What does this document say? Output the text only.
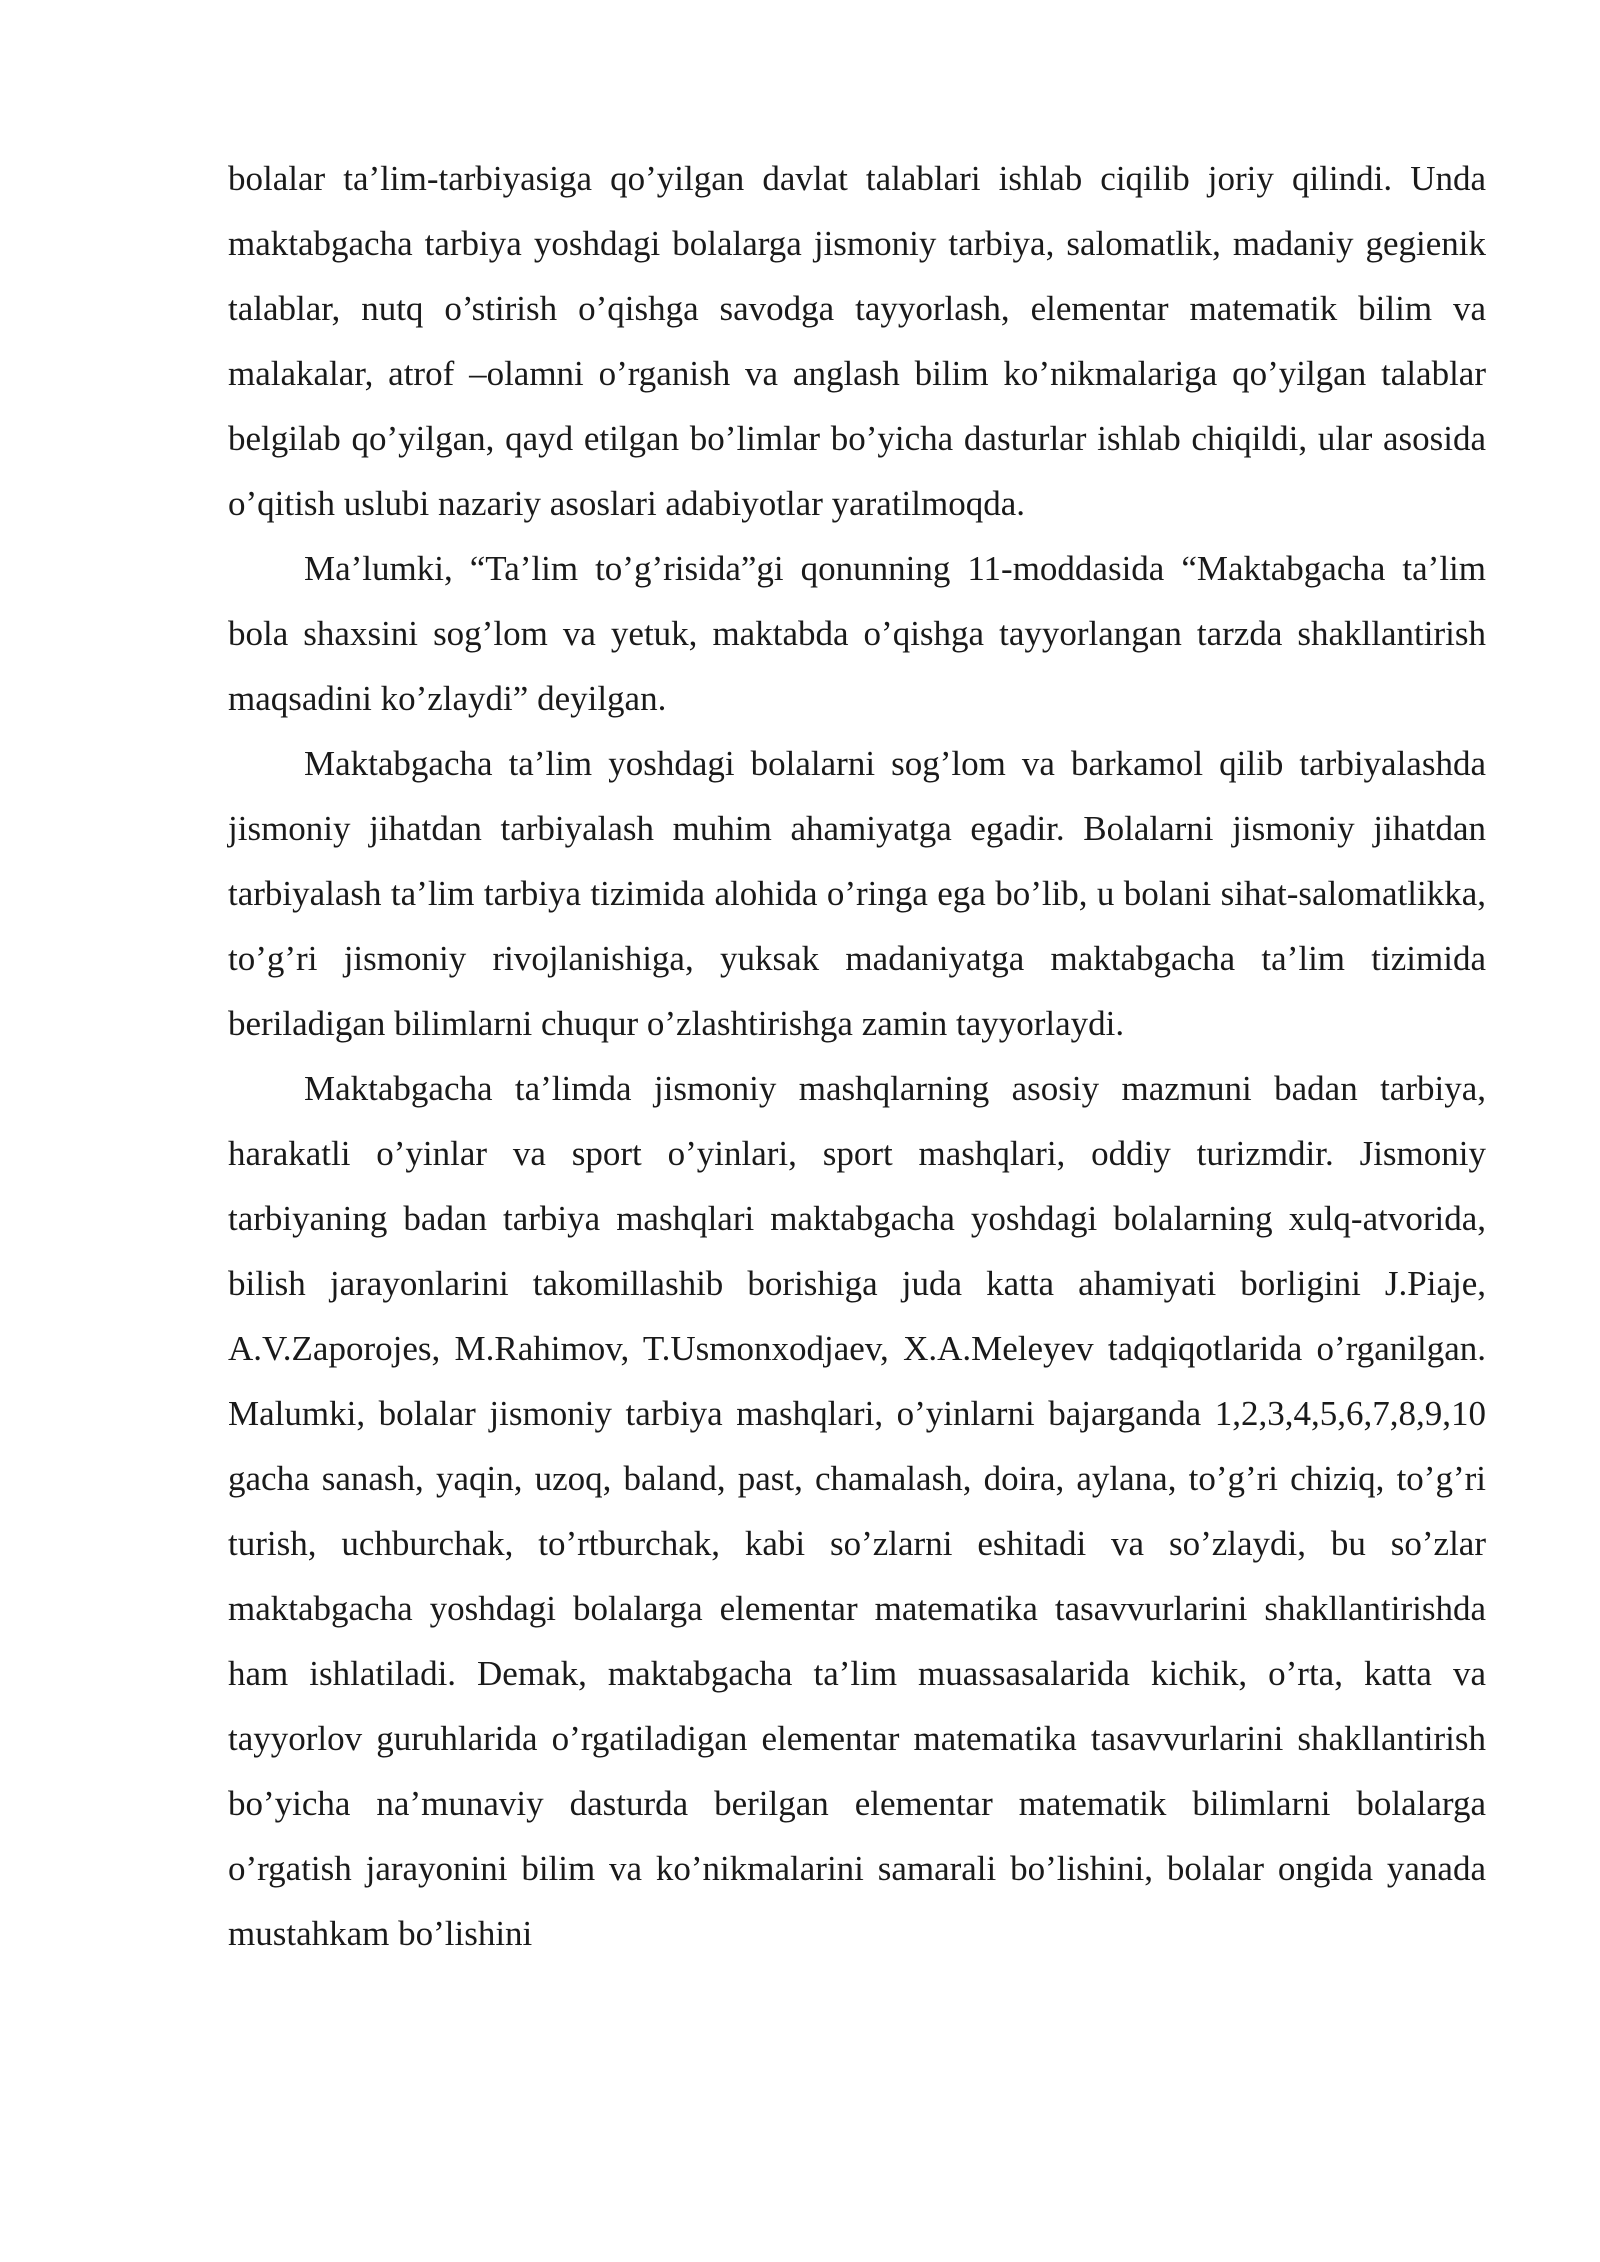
bolalar ta’lim-tarbiyasiga qo’yilgan davlat talablari ishlab ciqilib joriy qilindi. Unda maktabgacha tarbiya yoshdagi bolalarga jismoniy tarbiya, salomatlik, madaniy gegienik talablar, nutq o’stirish o’qishga savodga tayyorlash, elementar matematik bilim va malakalar, atrof –olamni o’rganish va anglash bilim ko’nikmalariga qo’yilgan talablar belgilab qo’yilgan, qayd etilgan bo’limlar bo’yicha dasturlar ishlab chiqildi, ular asosida o’qitish uslubi nazariy asoslari adabiyotlar yaratilmoqda.

Ma’lumki, “Ta’lim to’g’risida”gi qonunning 11-moddasida “Maktabgacha ta’lim bola shaxsini sog’lom va yetuk, maktabda o’qishga tayyorlangan tarzda shakllantirish maqsadini ko’zlaydi” deyilgan.

Maktabgacha ta’lim yoshdagi bolalarni sog’lom va barkamol qilib tarbiyalashda jismoniy jihatdan tarbiyalash muhim ahamiyatga egadir. Bolalarni jismoniy jihatdan tarbiyalash ta’lim tarbiya tizimida alohida o’ringa ega bo’lib, u bolani sihat-salomatlikka, to’g’ri jismoniy rivojlanishiga, yuksak madaniyatga maktabgacha ta’lim tizimida beriladigan bilimlarni chuqur o’zlashtirishga zamin tayyorlaydi.

Maktabgacha ta’limda jismoniy mashqlarning asosiy mazmuni badan tarbiya, harakatli o’yinlar va sport o’yinlari, sport mashqlari, oddiy turizmdir. Jismoniy tarbiyaning badan tarbiya mashqlari maktabgacha yoshdagi bolalarning xulq-atvorida, bilish jarayonlarini takomillashib borishiga juda katta ahamiyati borligini J.Piaje, A.V.Zaporojes, M.Rahimov, T.Usmonxodjaev, X.A.Meleyev tadqiqotlarida o’rganilgan. Malumki, bolalar jismoniy tarbiya mashqlari, o’yinlarni bajarganda 1,2,3,4,5,6,7,8,9,10 gacha sanash, yaqin, uzoq, baland, past, chamalash, doira, aylana, to’g’ri chiziq, to’g’ri turish, uchburchak, to’rtburchak, kabi so’zlarni eshitadi va so’zlaydi, bu so’zlar maktabgacha yoshdagi bolalarga elementar matematika tasavvurlarini shakllantirishda ham ishlatiladi. Demak, maktabgacha ta’lim muassasalarida kichik, o’rta, katta va tayyorlov guruhlarida o’rgatiladigan elementar matematika tasavvurlarini shakllantirish bo’yicha na’munaviy dasturda berilgan elementar matematik bilimlarni bolalarga o’rgatish jarayonini bilim va ko’nikmalarini samarali bo’lishini, bolalar ongida yanada mustahkam bo’lishini
